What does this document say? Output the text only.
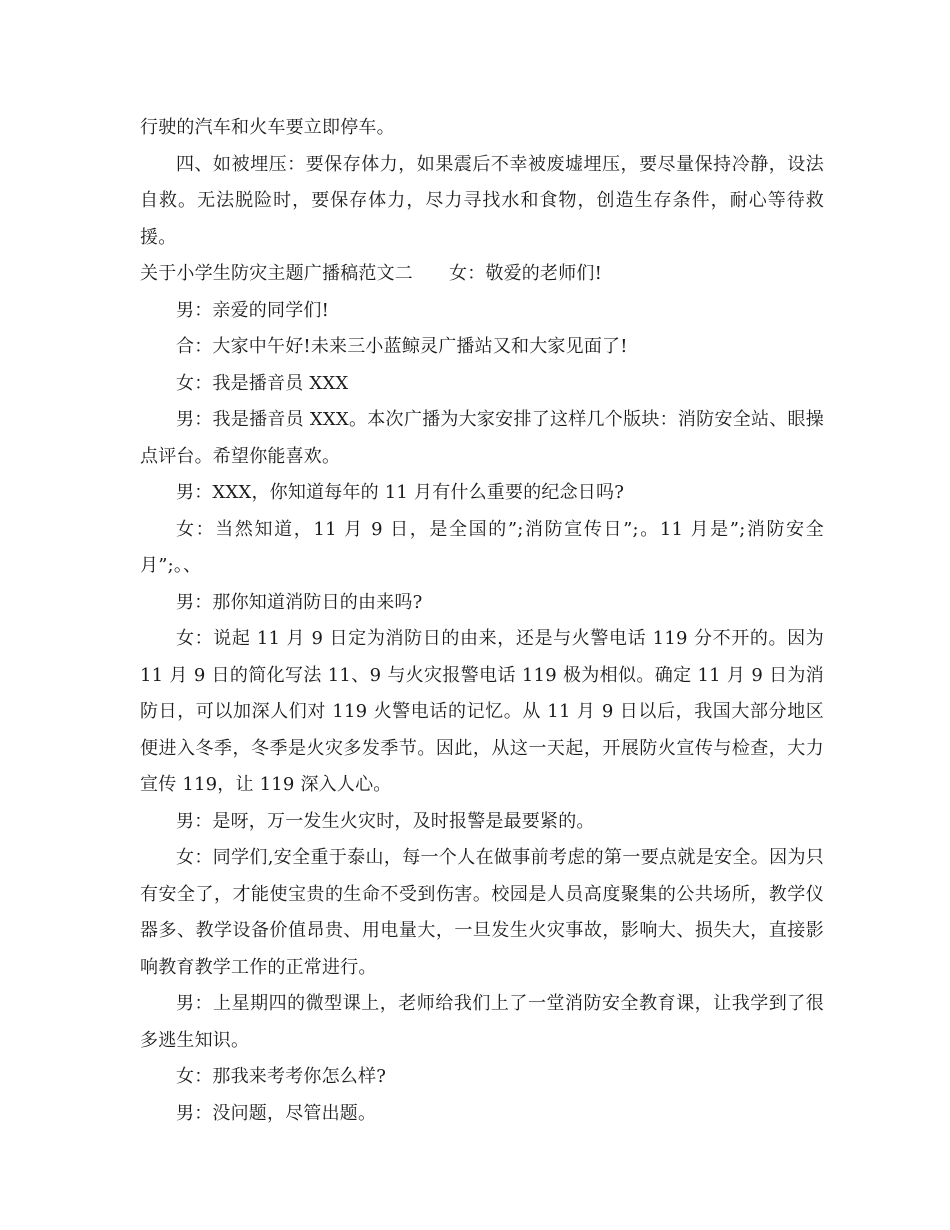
行驶的汽车和火车要立即停车。

四、如被埋压：要保存体力，如果震后不幸被废墟埋压，要尽量保持冷静，设法自救。无法脱险时，要保存体力，尽力寻找水和食物，创造生存条件，耐心等待救援。

关于小学生防灾主题广播稿范文二 女：敬爱的老师们!

男：亲爱的同学们!

合：大家中午好!未来三小蓝鲸灵广播站又和大家见面了!

女：我是播音员 XXX

男：我是播音员 XXX。本次广播为大家安排了这样几个版块：消防安全站、眼操点评台。希望你能喜欢。

男：XXX，你知道每年的 11 月有什么重要的纪念日吗?

女：当然知道，11 月 9 日，是全国的”;消防宣传日”;。11 月是”;消防安全月”;。、

男：那你知道消防日的由来吗?

女：说起 11 月 9 日定为消防日的由来，还是与火警电话 119 分不开的。因为 11 月 9 日的简化写法 11、9 与火灾报警电话 119 极为相似。确定 11 月 9 日为消防日，可以加深人们对 119 火警电话的记忆。从 11 月 9 日以后，我国大部分地区便进入冬季，冬季是火灾多发季节。因此，从这一天起，开展防火宣传与检查，大力宣传 119，让 119 深入人心。

男：是呀，万一发生火灾时，及时报警是最要紧的。

女：同学们,安全重于泰山，每一个人在做事前考虑的第一要点就是安全。因为只有安全了，才能使宝贵的生命不受到伤害。校园是人员高度聚集的公共场所，教学仪器多、教学设备价值昂贵、用电量大，一旦发生火灾事故，影响大、损失大，直接影响教育教学工作的正常进行。

男：上星期四的微型课上，老师给我们上了一堂消防安全教育课，让我学到了很多逃生知识。

女：那我来考考你怎么样?

男：没问题，尽管出题。
